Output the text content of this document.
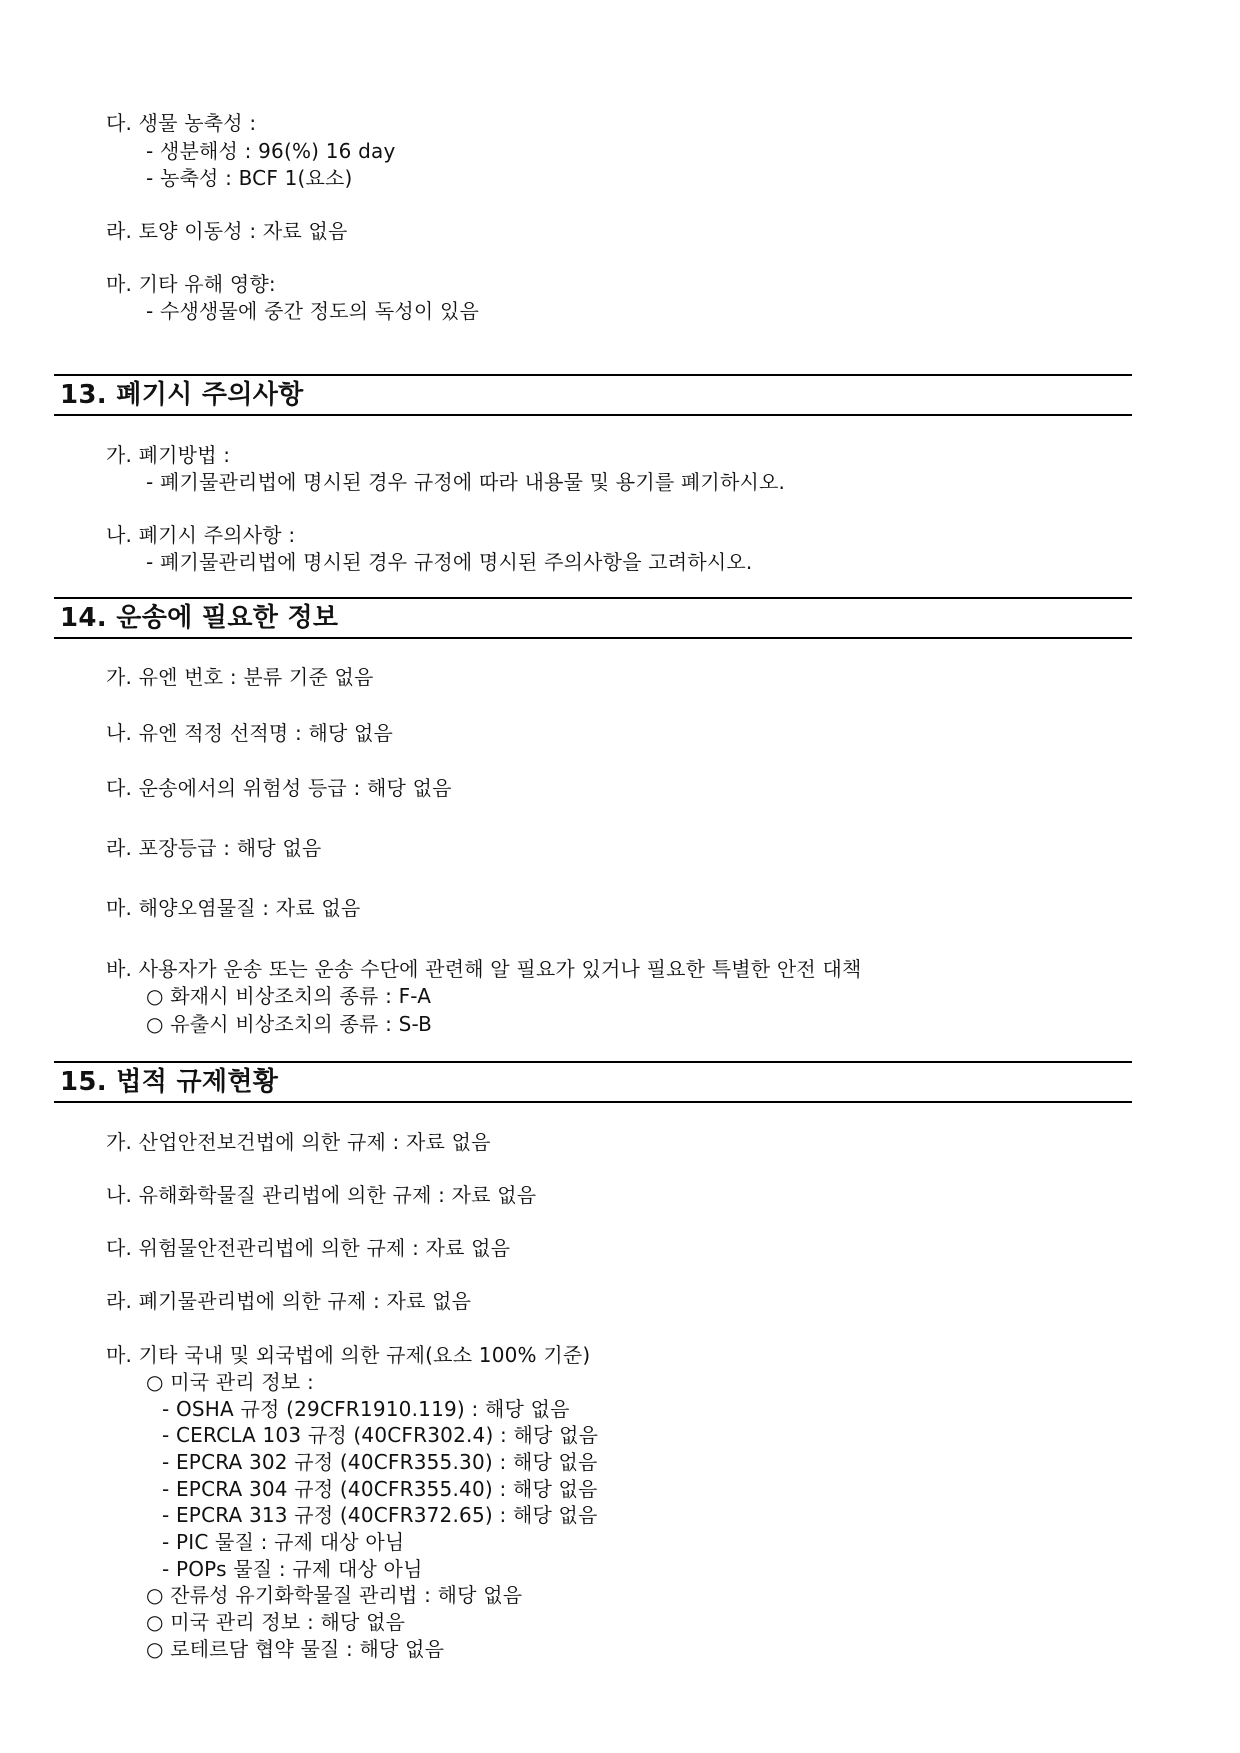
다. 생물 농축성 :
- 생분해성 : 96(%) 16 day
- 농축성 : BCF 1(요소)
라. 토양 이동성 : 자료 없음
마. 기타 유해 영향:
- 수생생물에 중간 정도의 독성이 있음
13. 폐기시 주의사항
가. 폐기방법 :
- 폐기물관리법에 명시된 경우 규정에 따라 내용물 및 용기를 폐기하시오.
나. 폐기시 주의사항 :
- 폐기물관리법에 명시된 경우 규정에 명시된 주의사항을 고려하시오.
14. 운송에 필요한 정보
가. 유엔 번호 : 분류 기준 없음
나. 유엔 적정 선적명 : 해당 없음
다. 운송에서의 위험성 등급 : 해당 없음
라. 포장등급 : 해당 없음
마. 해양오염물질 : 자료 없음
바. 사용자가 운송 또는 운송 수단에 관련해 알 필요가 있거나 필요한 특별한 안전 대책
○ 화재시 비상조치의 종류 : F-A
○ 유출시 비상조치의 종류 : S-B
15. 법적 규제현황
가. 산업안전보건법에 의한 규제 : 자료 없음
나. 유해화학물질 관리법에 의한 규제 : 자료 없음
다. 위험물안전관리법에 의한 규제 : 자료 없음
라. 폐기물관리법에 의한 규제 : 자료 없음
마. 기타 국내 및 외국법에 의한 규제(요소 100% 기준)
○ 미국 관리 정보 :
- OSHA 규정 (29CFR1910.119) : 해당 없음
- CERCLA 103 규정 (40CFR302.4) : 해당 없음
- EPCRA 302 규정 (40CFR355.30) : 해당 없음
- EPCRA 304 규정 (40CFR355.40) : 해당 없음
- EPCRA 313 규정 (40CFR372.65) : 해당 없음
- PIC 물질 : 규제 대상 아님
- POPs 물질 : 규제 대상 아님
○ 잔류성 유기화학물질 관리법 : 해당 없음
○ 미국 관리 정보 : 해당 없음
○ 로테르담 협약 물질 : 해당 없음
